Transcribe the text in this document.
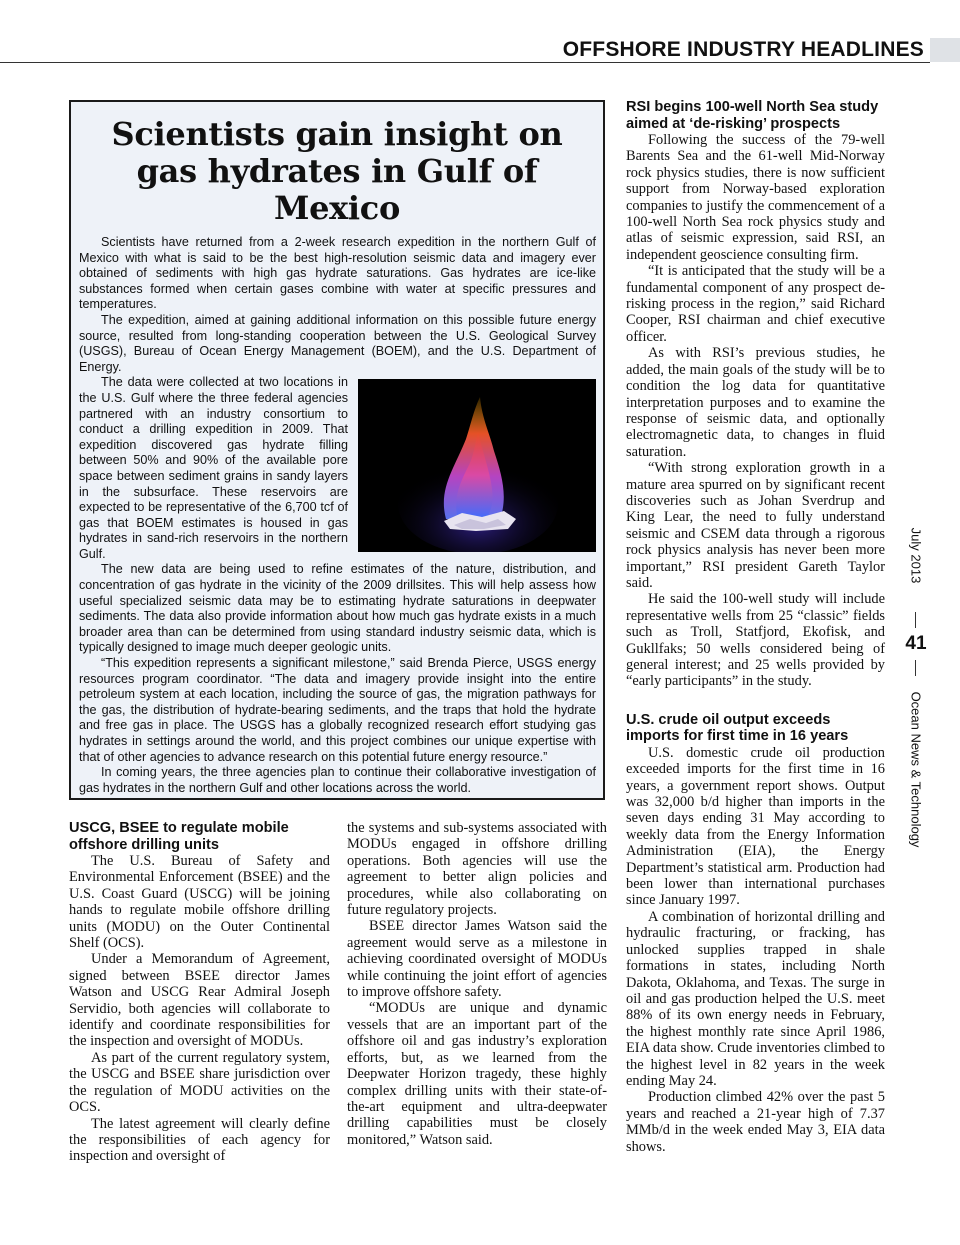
OFFSHORE INDUSTRY HEADLINES
Scientists gain insight on gas hydrates in Gulf of Mexico

Scientists have returned from a 2-week research expedition in the northern Gulf of Mexico with what is said to be the best high-resolution seismic data and imagery ever obtained of sediments with high gas hydrate saturations. Gas hydrates are ice-like substances formed when certain gases combine with water at specific pressures and temperatures.

The expedition, aimed at gaining additional information on this possible future energy source, resulted from long-standing cooperation between the U.S. Geological Survey (USGS), Bureau of Ocean Energy Management (BOEM), and the U.S. Department of Energy.

The data were collected at two locations in the U.S. Gulf where the three federal agencies partnered with an industry consortium to conduct a drilling expedition in 2009. That expedition discovered gas hydrate filling between 50% and 90% of the available pore space between sediment grains in sandy layers in the subsurface. These reservoirs are expected to be representative of the 6,700 tcf of gas that BOEM estimates is housed in gas hydrates in sand-rich reservoirs in the northern Gulf.

The new data are being used to refine estimates of the nature, distribution, and concentration of gas hydrate in the vicinity of the 2009 drillsites. This will help assess how useful specialized seismic data may be to estimating hydrate saturations in deepwater sediments. The data also provide information about how much gas hydrate exists in a much broader area than can be determined from using standard industry seismic data, which is typically designed to image much deeper geologic units.

“This expedition represents a significant milestone,” said Brenda Pierce, USGS energy resources program coordinator. “The data and imagery provide insight into the entire petroleum system at each location, including the source of gas, the migration pathways for the gas, the distribution of hydrate-bearing sediments, and the traps that hold the hydrate and free gas in place. The USGS has a globally recognized research effort studying gas hydrates in settings around the world, and this project combines our unique expertise with that of other agencies to advance research on this potential future energy resource.”

In coming years, the three agencies plan to continue their collaborative investigation of gas hydrates in the northern Gulf and other locations across the world.

USCG, BSEE to regulate mobile offshore drilling units

The U.S. Bureau of Safety and Environmental Enforcement (BSEE) and the U.S. Coast Guard (USCG) will be joining hands to regulate mobile offshore drilling units (MODU) on the Outer Continental Shelf (OCS).

Under a Memorandum of Agreement, signed between BSEE director James Watson and USCG Rear Admiral Joseph Servidio, both agencies will collaborate to identify and coordinate responsibilities for the inspection and oversight of MODUs.

As part of the current regulatory system, the USCG and BSEE share jurisdiction over the regulation of MODU activities on the OCS.

The latest agreement will clearly define the responsibilities of each agency for inspection and oversight of

the systems and sub-systems associated with MODUs engaged in offshore drilling operations. Both agencies will use the agreement to better align policies and procedures, while also collaborating on future regulatory projects.

BSEE director James Watson said the agreement would serve as a milestone in achieving coordinated oversight of MODUs while continuing the joint effort of agencies to improve offshore safety.

“MODUs are unique and dynamic vessels that are an important part of the offshore oil and gas industry’s exploration efforts, but, as we learned from the Deepwater Horizon tragedy, these highly complex drilling units with their state-of-the-art equipment and ultra-deepwater drilling capabilities must be closely monitored,” Watson said.

RSI begins 100-well North Sea study aimed at ‘de-risking’ prospects

Following the success of the 79-well Barents Sea and the 61-well Mid-Norway rock physics studies, there is now sufficient support from Norway-based exploration companies to justify the commencement of a 100-well North Sea rock physics study and atlas of seismic expression, said RSI, an independent geoscience consulting firm.

“It is anticipated that the study will be a fundamental component of any prospect de-risking process in the region,” said Richard Cooper, RSI chairman and chief executive officer.

As with RSI’s previous studies, he added, the main goals of the study will be to condition the log data for quantitative interpretation purposes and to examine the response of seismic data, and optionally electromagnetic data, to changes in fluid saturation.

“With strong exploration growth in a mature area spurred on by significant recent discoveries such as Johan Sverdrup and King Lear, the need to fully understand seismic and CSEM data through a rigorous rock physics analysis has never been more important,” RSI president Gareth Taylor said.

He said the 100-well study will include representative wells from 25 “classic” fields such as Troll, Statfjord, Ekofisk, and Gukllfaks; 50 wells considered being of general interest; and 25 wells provided by “early participants” in the study.

U.S. crude oil output exceeds imports for first time in 16 years

U.S. domestic crude oil production exceeded imports for the first time in 16 years, a government report shows. Output was 32,000 b/d higher than imports in the seven days ending 31 May according to weekly data from the Energy Information Administration (EIA), the Energy Department’s statistical arm. Production had been lower than international purchases since January 1997.

A combination of horizontal drilling and hydraulic fracturing, or fracking, has unlocked supplies trapped in shale formations in states, including North Dakota, Oklahoma, and Texas. The surge in oil and gas production helped the U.S. meet 88% of its own energy needs in February, the highest monthly rate since April 1986, EIA data show. Crude inventories climbed to the highest level in 82 years in the week ending May 24.

Production climbed 42% over the past 5 years and reached a 21-year high of 7.37 MMb/d in the week ended May 3, EIA data shows.

July 2013
41
Ocean News & Technology
